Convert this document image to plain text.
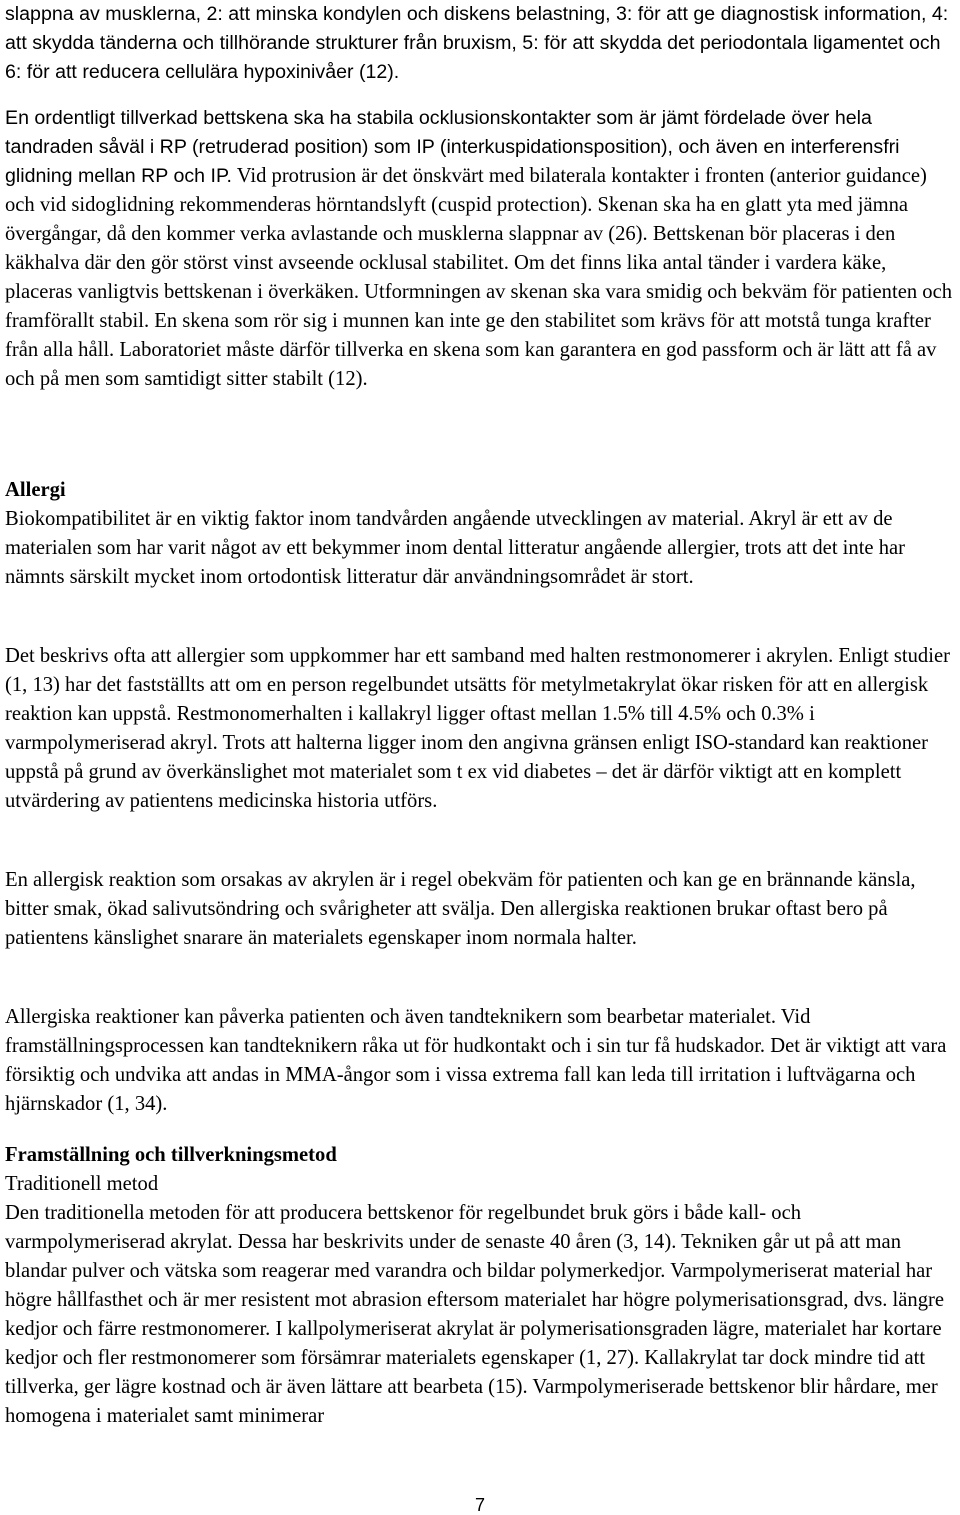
slappna av musklerna, 2: att minska kondylen och diskens belastning, 3: för att ge diagnostisk information, 4: att skydda tänderna och tillhörande strukturer från bruxism, 5: för att skydda det periodontala ligamentet och 6: för att reducera cellulära hypoxinivåer (12).

En ordentligt tillverkad bettskena ska ha stabila ocklusionskontakter som är jämt fördelade över hela tandraden såväl i RP (retruderad position) som IP (interkuspidationsposition), och även en interferensfri glidning mellan RP och IP. Vid protrusion är det önskvärt med bilaterala kontakter i fronten (anterior guidance) och vid sidoglidning rekommenderas hörntandslyft (cuspid protection). Skenan ska ha en glatt yta med jämna övergångar, då den kommer verka avlastande och musklerna slappnar av (26). Bettskenan bör placeras i den käkhalva där den gör störst vinst avseende ocklusal stabilitet. Om det finns lika antal tänder i vardera käke, placeras vanligtvis bettskenan i överkäken. Utformningen av skenan ska vara smidig och bekväm för patienten och framförallt stabil. En skena som rör sig i munnen kan inte ge den stabilitet som krävs för att motstå tunga krafter från alla håll. Laboratoriet måste därför tillverka en skena som kan garantera en god passform och är lätt att få av och på men som samtidigt sitter stabilt (12).

Allergi

Biokompatibilitet är en viktig faktor inom tandvården angående utvecklingen av material. Akryl är ett av de materialen som har varit något av ett bekymmer inom dental litteratur angående allergier, trots att det inte har nämnts särskilt mycket inom ortodontisk litteratur där användningsområdet är stort.

Det beskrivs ofta att allergier som uppkommer har ett samband med halten restmonomerer i akrylen. Enligt studier (1, 13) har det fastställts att om en person regelbundet utsätts för metylmetakrylat ökar risken för att en allergisk reaktion kan uppstå. Restmonomerhalten i kallakryl ligger oftast mellan 1.5% till 4.5% och 0.3% i varmpolymeriserad akryl. Trots att halterna ligger inom den angivna gränsen enligt ISO-standard kan reaktioner uppstå på grund av överkänslighet mot materialet som t ex vid diabetes – det är därför viktigt att en komplett utvärdering av patientens medicinska historia utförs.

En allergisk reaktion som orsakas av akrylen är i regel obekväm för patienten och kan ge en brännande känsla, bitter smak, ökad salivutsöndring och svårigheter att svälja. Den allergiska reaktionen brukar oftast bero på patientens känslighet snarare än materialets egenskaper inom normala halter.

Allergiska reaktioner kan påverka patienten och även tandteknikern som bearbetar materialet. Vid framställningsprocessen kan tandteknikern råka ut för hudkontakt och i sin tur få hudskador. Det är viktigt att vara försiktig och undvika att andas in MMA-ångor som i vissa extrema fall kan leda till irritation i luftvägarna och hjärnskador (1, 34).

Framställning och tillverkningsmetod

Traditionell metod

Den traditionella metoden för att producera bettskenor för regelbundet bruk görs i både kall- och varmpolymeriserad akrylat. Dessa har beskrivits under de senaste 40 åren (3, 14). Tekniken går ut på att man blandar pulver och vätska som reagerar med varandra och bildar polymerkedjor. Varmpolymeriserat material har högre hållfasthet och är mer resistent mot abrasion eftersom materialet har högre polymerisationsgrad, dvs. längre kedjor och färre restmonomerer. I kallpolymeriserat akrylat är polymerisationsgraden lägre, materialet har kortare kedjor och fler restmonomerer som försämrar materialets egenskaper (1, 27). Kallakrylat tar dock mindre tid att tillverka, ger lägre kostnad och är även lättare att bearbeta (15). Varmpolymeriserade bettskenor blir hårdare, mer homogena i materialet samt minimerar

7
